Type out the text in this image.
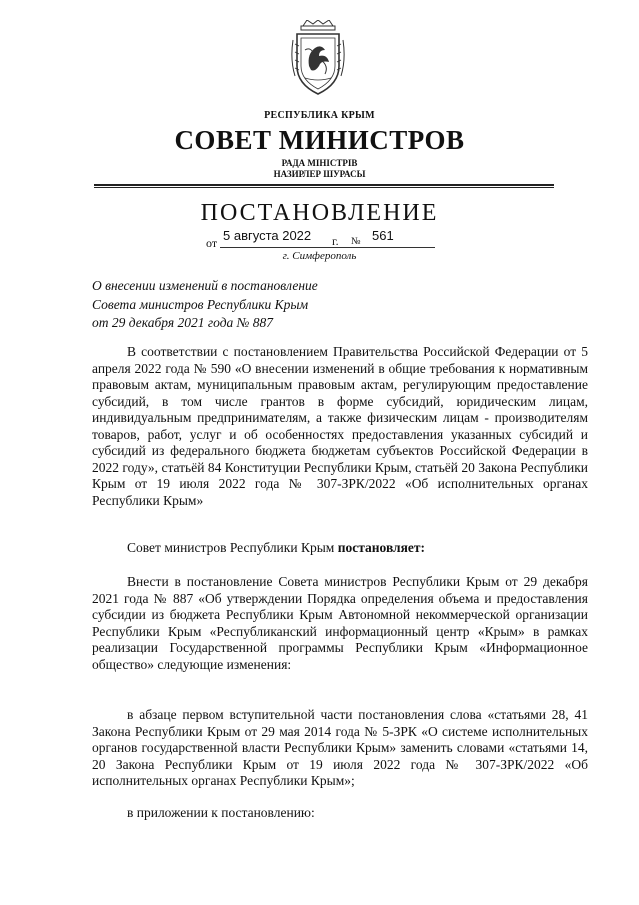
РЕСПУБЛИКА КРЫМ
СОВЕТ МИНИСТРОВ
РАДА МІНІСТРІВ
НАЗИРЛЕР ШУРАСЫ
ПОСТАНОВЛЕНИЕ
от 5 августа 2022 г. № 561
г. Симферополь
О внесении изменений в постановление
Совета министров Республики Крым
от 29 декабря 2021 года № 887

В соответствии с постановлением Правительства Российской Федерации от 5 апреля 2022 года № 590 «О внесении изменений в общие требования к нормативным правовым актам, муниципальным правовым актам, регулирующим предоставление субсидий, в том числе грантов в форме субсидий, юридическим лицам, индивидуальным предпринимателям, а также физическим лицам - производителям товаров, работ, услуг и об особенностях предоставления указанных субсидий и субсидий из федерального бюджета бюджетам субъектов Российской Федерации в 2022 году», статьёй 84 Конституции Республики Крым, статьёй 20 Закона Республики Крым от 19 июля 2022 года № 307-ЗРК/2022 «Об исполнительных органах Республики Крым»

Совет министров Республики Крым постановляет:

Внести в постановление Совета министров Республики Крым от 29 декабря 2021 года № 887 «Об утверждении Порядка определения объема и предоставления субсидии из бюджета Республики Крым Автономной некоммерческой организации Республики Крым «Республиканский информационный центр «Крым» в рамках реализации Государственной программы Республики Крым «Информационное общество» следующие изменения:

в абзаце первом вступительной части постановления слова «статьями 28, 41 Закона Республики Крым от 29 мая 2014 года № 5-ЗРК «О системе исполнительных органов государственной власти Республики Крым» заменить словами «статьями 14, 20 Закона Республики Крым от 19 июля 2022 года № 307-ЗРК/2022 «Об исполнительных органах Республики Крым»;

в приложении к постановлению:
